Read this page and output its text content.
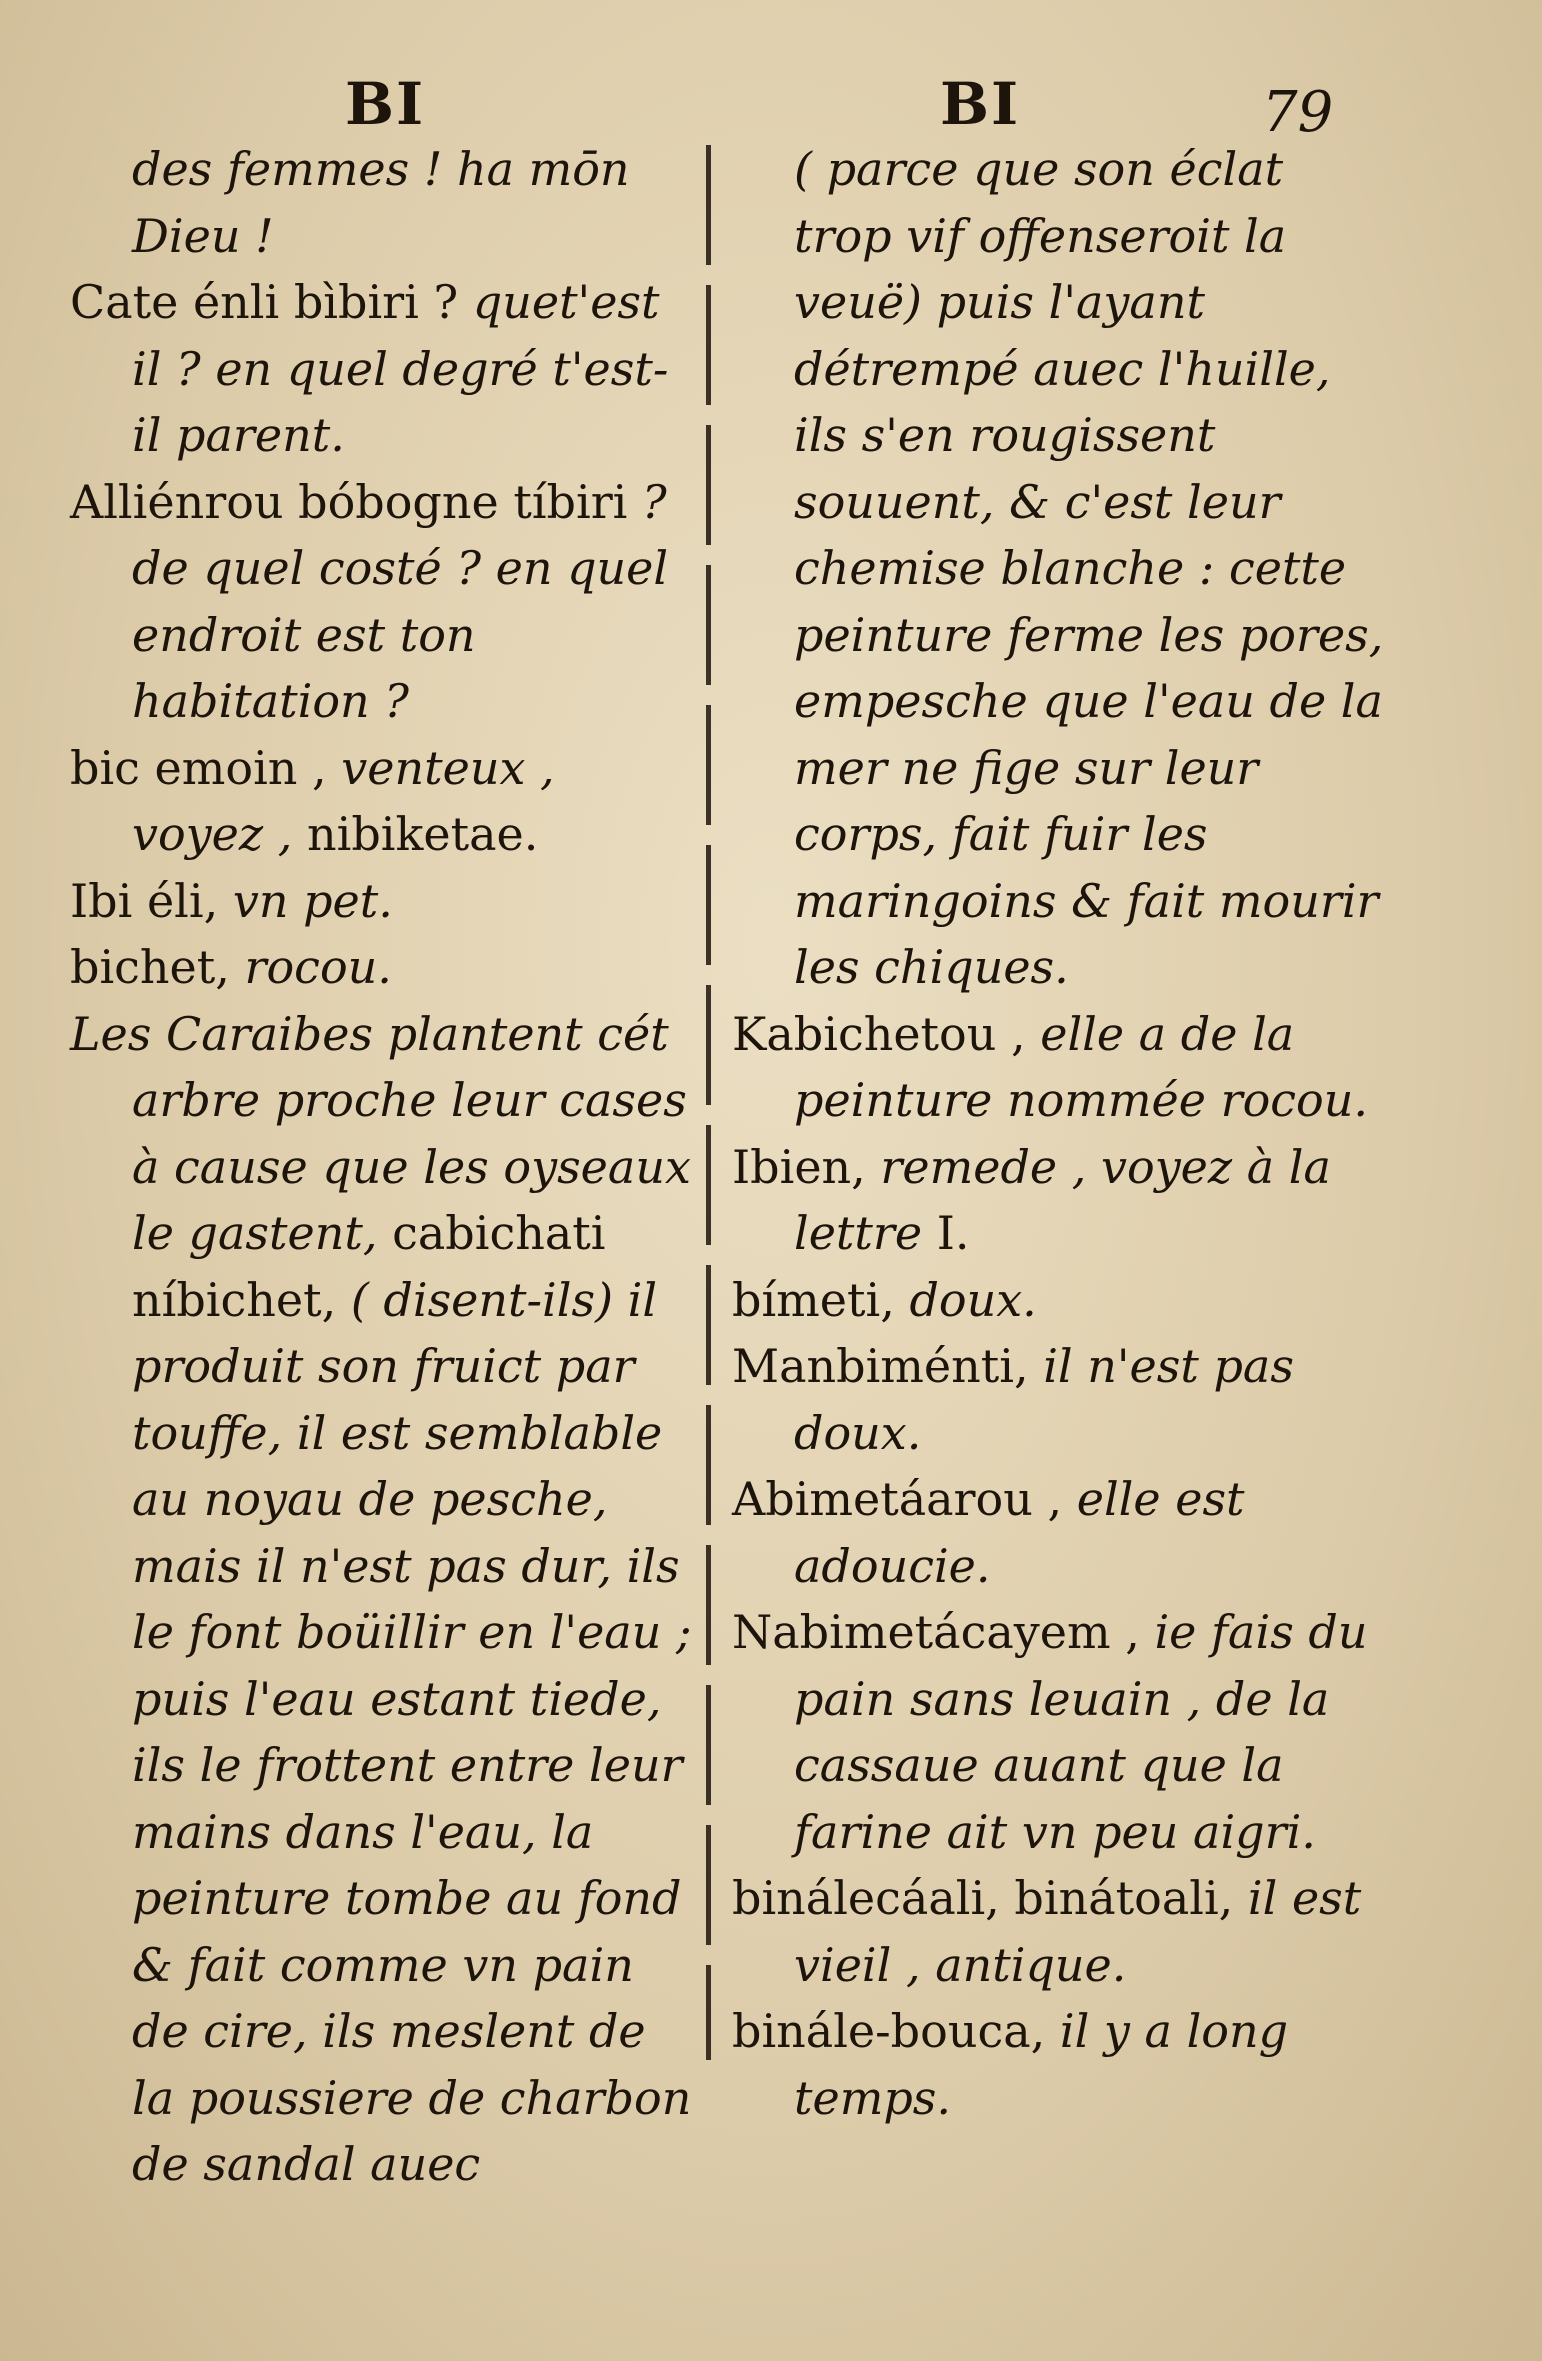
BI	BI	79

des femmes ! ha mōn Dieu !

Cate énli bìbiri ? quet'est il ? en quel degré t'est-il parent.

Alliénrou bóbogne tíbiri ? de quel costé ? en quel endroit est ton habitation ?

bic emoin , venteux , voyez , nibiketae.

Ibi éli, vn pet.

bichet, rocou.

Les Caraibes plantent cét arbre proche leur cases à cause que les oyseaux le gastent, cabichati níbichet, ( disent-ils) il produit son fruict par touffe, il est semblable au noyau de pesche, mais il n'est pas dur, ils le font boüillir en l'eau ; puis l'eau estant tiede, ils le frottent entre leur mains dans l'eau, la peinture tombe au fond & fait comme vn pain de cire, ils meslent de la poussiere de charbon de sandal auec

( parce que son éclat trop vif offenseroit la veuë) puis l'ayant détrempé auec l'huille, ils s'en rougissent souuent, & c'est leur chemise blanche : cette peinture ferme les pores, empesche que l'eau de la mer ne fige sur leur corps, fait fuir les maringoins & fait mourir les chiques.

Kabichetou , elle a de la peinture nommée rocou.

Ibien, remede , voyez à la lettre I.

bímeti, doux.

Manbiménti, il n'est pas doux.

Abimetáarou , elle est adoucie.

Nabimetácayem , ie fais du pain sans leuain , de la cassaue auant que la farine ait vn peu aigri.

binálecáali, binátoali, il est vieil , antique.

binále-bouca, il y a long temps.
